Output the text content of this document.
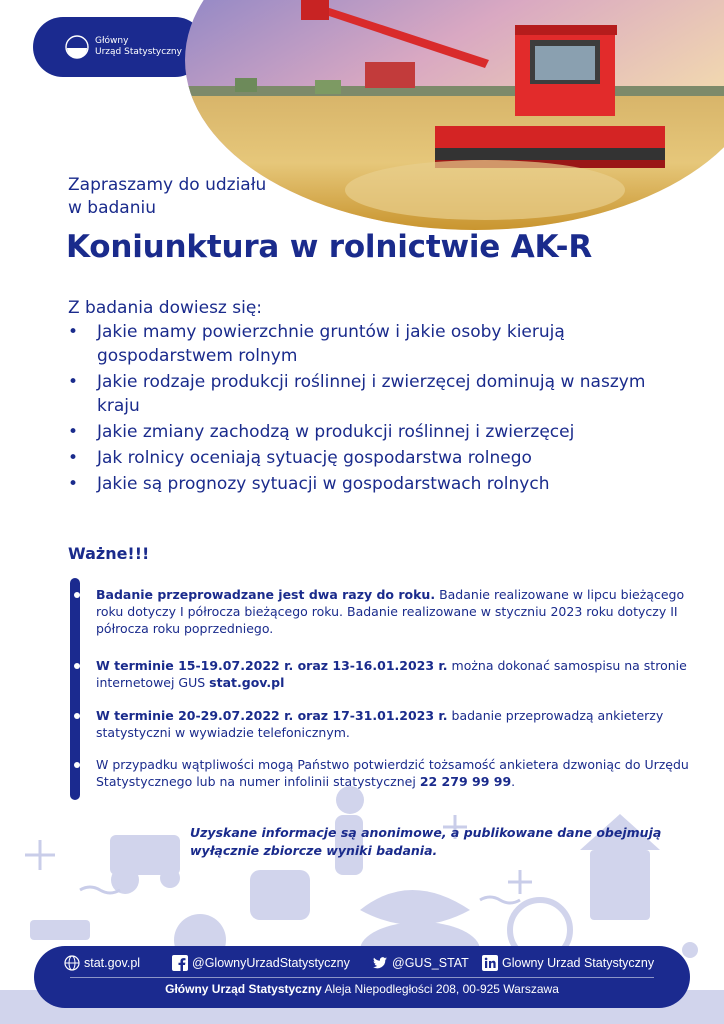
Główny
Urząd Statystyczny
Zapraszamy do udziału
w badaniu
Koniunktura w rolnictwie AK-R
Z badania dowiesz się:
• Jakie mamy powierzchnie gruntów i jakie osoby kierują gospodarstwem rolnym
• Jakie rodzaje produkcji roślinnej i zwierzęcej dominują w naszym kraju
• Jakie zmiany zachodzą w produkcji roślinnej i zwierzęcej
• Jak rolnicy oceniają sytuację gospodarstwa rolnego
• Jakie są prognozy sytuacji w gospodarstwach rolnych
Ważne!!!
Badanie przeprowadzane jest dwa razy do roku. Badanie realizowane w lipcu bieżącego roku dotyczy I półrocza bieżącego roku. Badanie realizowane w styczniu 2023 roku dotyczy II półrocza roku poprzedniego.
W terminie 15-19.07.2022 r. oraz 13-16.01.2023 r. można dokonać samospisu na stronie internetowej GUS stat.gov.pl
W terminie 20-29.07.2022 r. oraz 17-31.01.2023 r. badanie przeprowadzą ankieterzy statystyczni w wywiadzie telefonicznym.
W przypadku wątpliwości mogą Państwo potwierdzić tożsamość ankietera dzwoniąc do Urzędu Statystycznego lub na numer infolinii statystycznej 22 279 99 99.
Uzyskane informacje są anonimowe, a publikowane dane obejmują wyłącznie zbiorcze wyniki badania.
stat.gov.pl	@GlownyUrzadStatystyczny	@GUS_STAT	Glowny Urzad Statystyczny
Główny Urząd Statystyczny Aleja Niepodległości 208, 00-925 Warszawa
